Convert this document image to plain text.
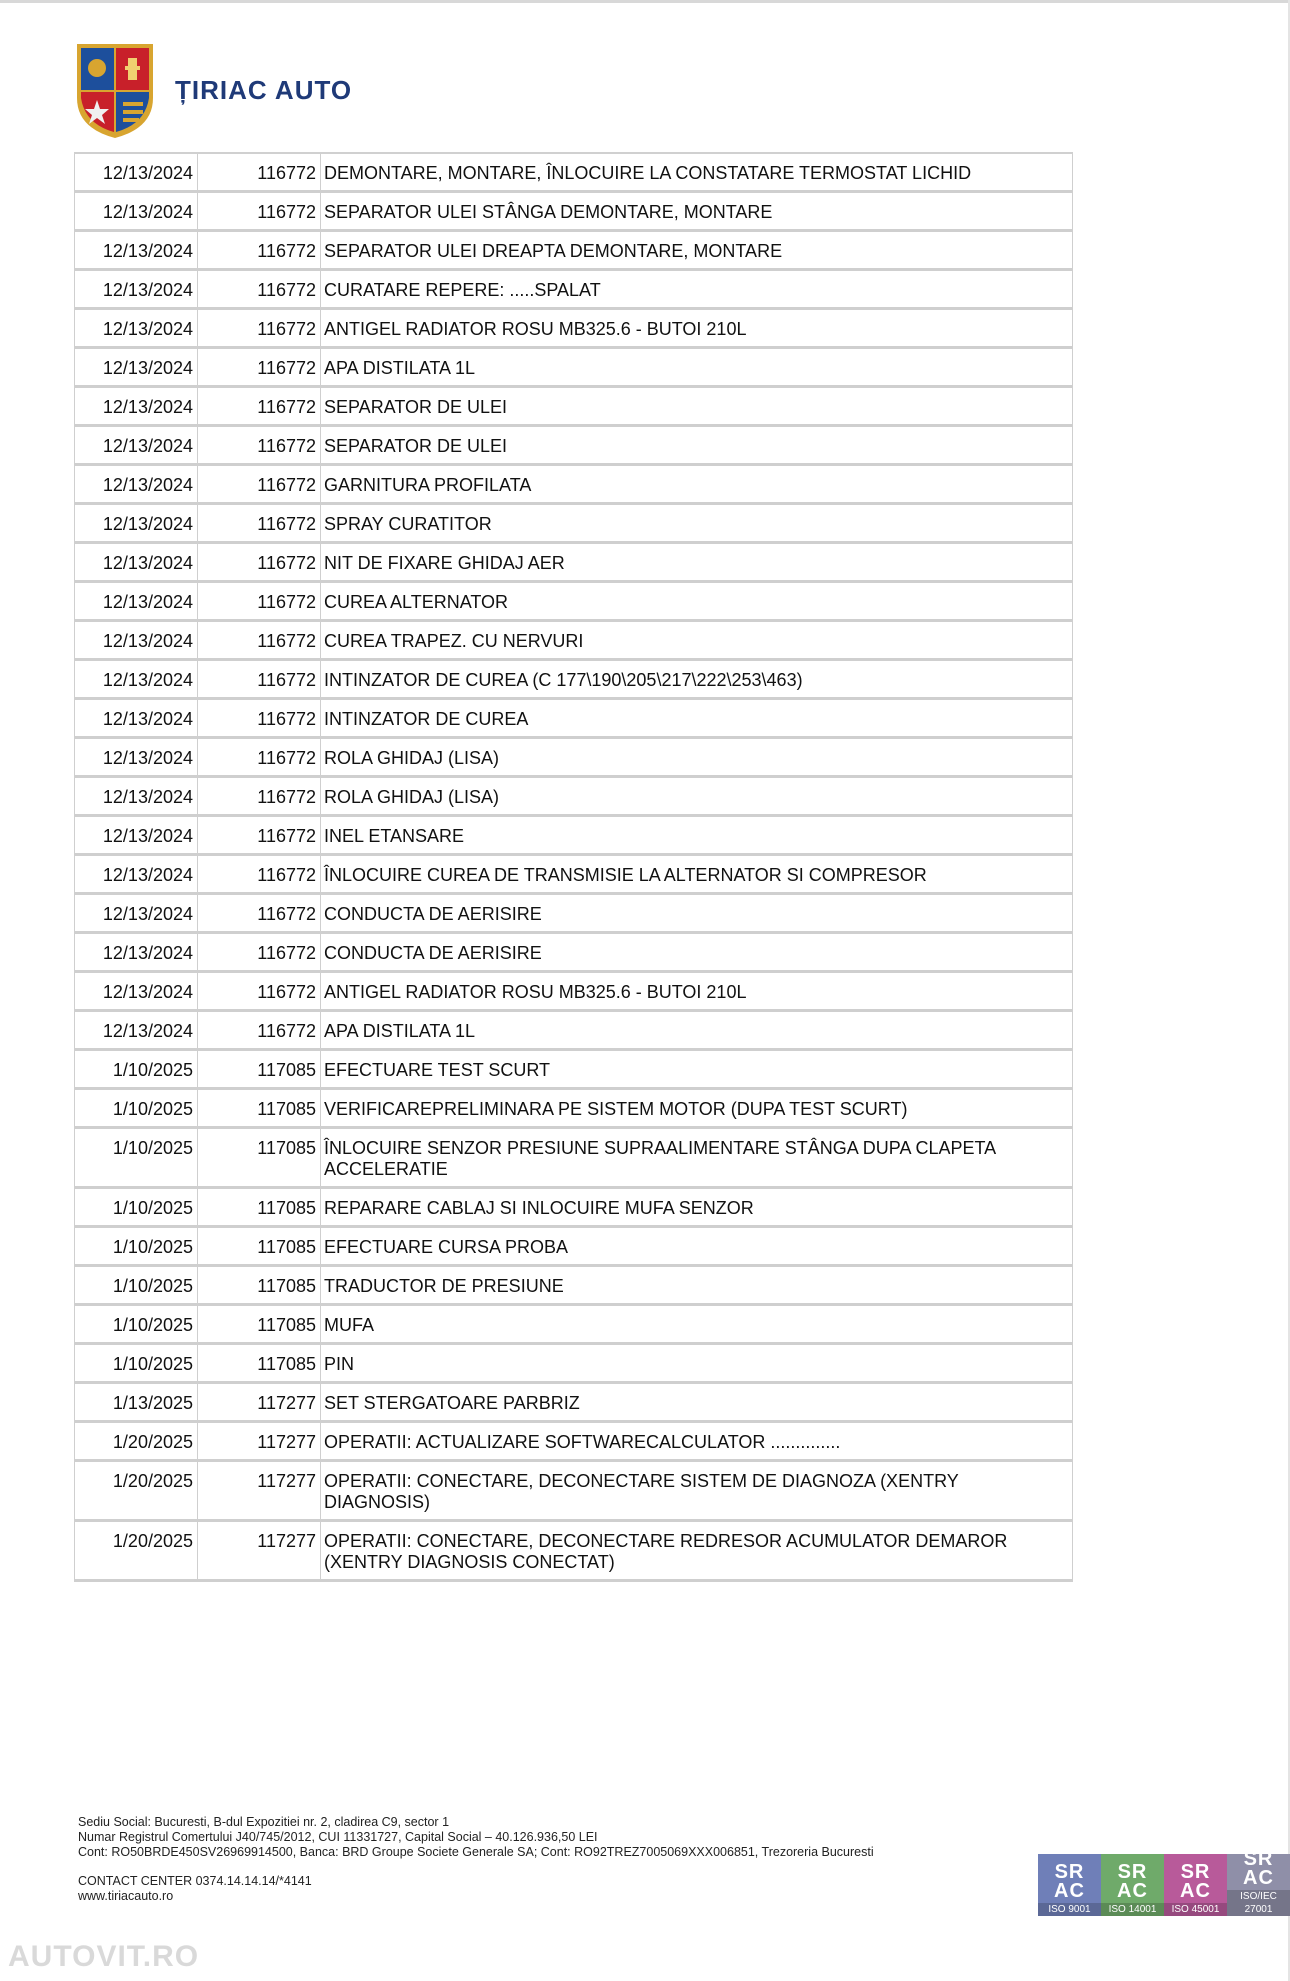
ȚIRIAC AUTO
12/13/2024	116772	DEMONTARE, MONTARE, ÎNLOCUIRE LA CONSTATARE TERMOSTAT LICHID
12/13/2024	116772	SEPARATOR ULEI STÂNGA DEMONTARE, MONTARE
12/13/2024	116772	SEPARATOR ULEI DREAPTA DEMONTARE, MONTARE
12/13/2024	116772	CURATARE REPERE: .....SPALAT
12/13/2024	116772	ANTIGEL RADIATOR ROSU MB325.6 - BUTOI 210L
12/13/2024	116772	APA DISTILATA 1L
12/13/2024	116772	SEPARATOR DE ULEI
12/13/2024	116772	SEPARATOR DE ULEI
12/13/2024	116772	GARNITURA PROFILATA
12/13/2024	116772	SPRAY CURATITOR
12/13/2024	116772	NIT DE FIXARE GHIDAJ AER
12/13/2024	116772	CUREA ALTERNATOR
12/13/2024	116772	CUREA TRAPEZ. CU NERVURI
12/13/2024	116772	INTINZATOR DE CUREA (C 177\190\205\217\222\253\463)
12/13/2024	116772	INTINZATOR DE CUREA
12/13/2024	116772	ROLA GHIDAJ (LISA)
12/13/2024	116772	ROLA GHIDAJ (LISA)
12/13/2024	116772	INEL ETANSARE
12/13/2024	116772	ÎNLOCUIRE CUREA DE TRANSMISIE LA ALTERNATOR SI COMPRESOR
12/13/2024	116772	CONDUCTA DE AERISIRE
12/13/2024	116772	CONDUCTA DE AERISIRE
12/13/2024	116772	ANTIGEL RADIATOR ROSU MB325.6 - BUTOI 210L
12/13/2024	116772	APA DISTILATA 1L
1/10/2025	117085	EFECTUARE TEST SCURT
1/10/2025	117085	VERIFICAREPRELIMINARA PE SISTEM MOTOR (DUPA TEST SCURT)
1/10/2025	117085	ÎNLOCUIRE SENZOR PRESIUNE SUPRAALIMENTARE STÂNGA DUPA CLAPETA ACCELERATIE
1/10/2025	117085	REPARARE CABLAJ SI INLOCUIRE MUFA SENZOR
1/10/2025	117085	EFECTUARE CURSA PROBA
1/10/2025	117085	TRADUCTOR DE PRESIUNE
1/10/2025	117085	MUFA
1/10/2025	117085	PIN
1/13/2025	117277	SET STERGATOARE PARBRIZ
1/20/2025	117277	OPERATII: ACTUALIZARE SOFTWARECALCULATOR ..............
1/20/2025	117277	OPERATII: CONECTARE, DECONECTARE SISTEM DE DIAGNOZA (XENTRY DIAGNOSIS)
1/20/2025	117277	OPERATII: CONECTARE, DECONECTARE REDRESOR ACUMULATOR DEMAROR (XENTRY DIAGNOSIS CONECTAT)
Sediu Social: Bucuresti, B-dul Expozitiei nr. 2, cladirea C9, sector 1
Numar Registrul Comertului J40/745/2012, CUI 11331727, Capital Social – 40.126.936,50 LEI
Cont: RO50BRDE450SV26969914500, Banca: BRD Groupe Societe Generale SA; Cont: RO92TREZ7005069XXX006851, Trezoreria Bucuresti
CONTACT CENTER 0374.14.14.14/*4141
www.tiriacauto.ro
SR
AC
ISO 9001
SR
AC
ISO 14001
SR
AC
ISO 45001
SR
AC
ISO/IEC 27001
AUTOVIT.RO
